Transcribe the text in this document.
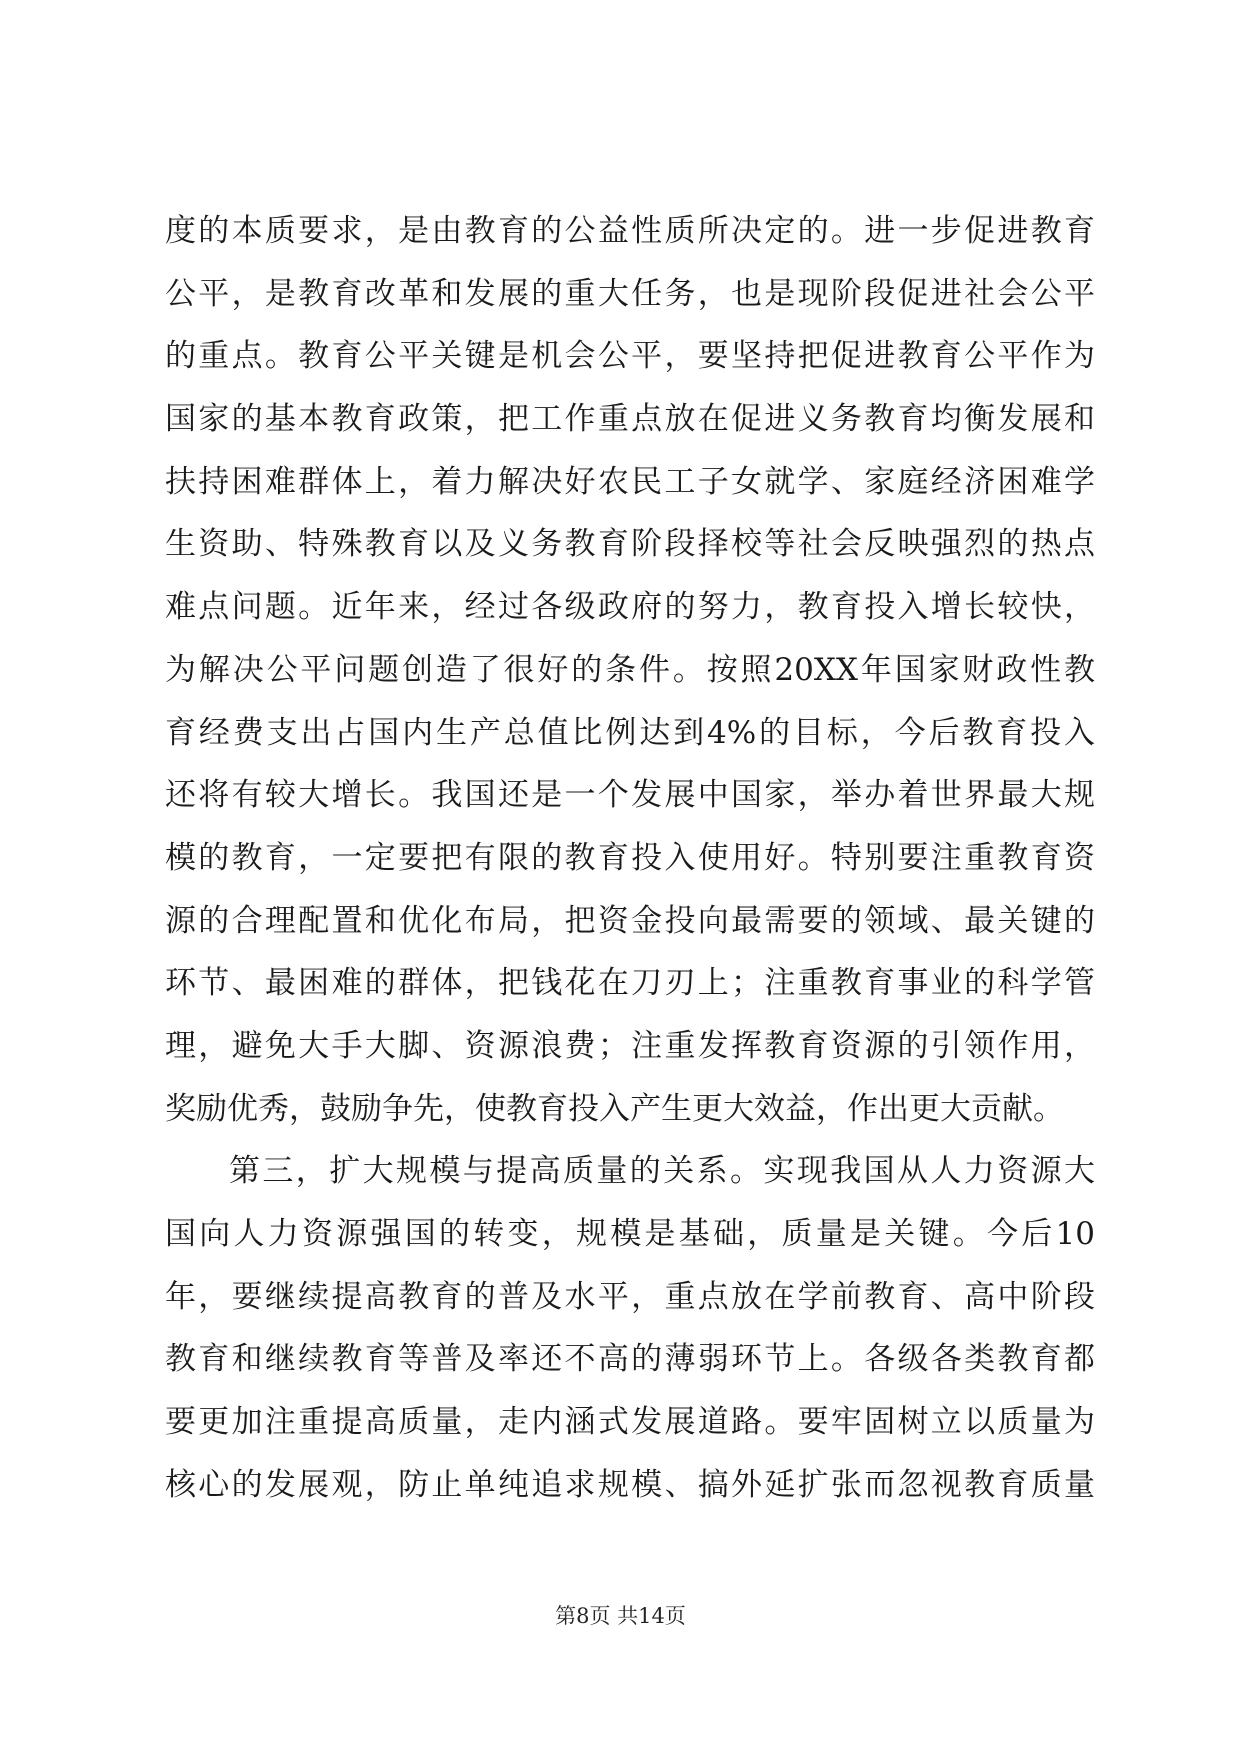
度的本质要求，是由教育的公益性质所决定的。进一步促进教育
公平，是教育改革和发展的重大任务，也是现阶段促进社会公平
的重点。教育公平关键是机会公平，要坚持把促进教育公平作为
国家的基本教育政策，把工作重点放在促进义务教育均衡发展和
扶持困难群体上，着力解决好农民工子女就学、家庭经济困难学
生资助、特殊教育以及义务教育阶段择校等社会反映强烈的热点
难点问题。近年来，经过各级政府的努力，教育投入增长较快，
为解决公平问题创造了很好的条件。按照20XX年国家财政性教
育经费支出占国内生产总值比例达到4%的目标，今后教育投入
还将有较大增长。我国还是一个发展中国家，举办着世界最大规
模的教育，一定要把有限的教育投入使用好。特别要注重教育资
源的合理配置和优化布局，把资金投向最需要的领域、最关键的
环节、最困难的群体，把钱花在刀刃上；注重教育事业的科学管
理，避免大手大脚、资源浪费；注重发挥教育资源的引领作用，
奖励优秀，鼓励争先，使教育投入产生更大效益，作出更大贡献。
第三，扩大规模与提高质量的关系。实现我国从人力资源大
国向人力资源强国的转变，规模是基础，质量是关键。今后10
年，要继续提高教育的普及水平，重点放在学前教育、高中阶段
教育和继续教育等普及率还不高的薄弱环节上。各级各类教育都
要更加注重提高质量，走内涵式发展道路。要牢固树立以质量为
核心的发展观，防止单纯追求规模、搞外延扩张而忽视教育质量
第8页 共14页
